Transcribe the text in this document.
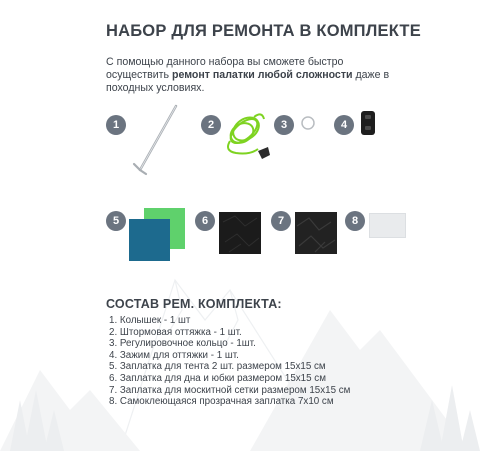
НАБОР ДЛЯ РЕМОНТА В КОМПЛЕКТЕ

С помощью данного набора вы сможете быстро осуществить ремонт палатки любой сложности даже в походных условиях.

1	2	3	4
5	6	7	8
СОСТАВ РЕМ. КОМПЛЕКТА:
1. Колышек - 1 шт
2. Штормовая оттяжка - 1 шт.
3. Регулировочное кольцо - 1шт.
4. Зажим для оттяжки - 1 шт.
5. Заплатка для тента 2 шт. размером 15х15 см
6. Заплатка для дна и юбки размером 15х15 см
7. Заплатка для москитной сетки размером 15х15 см
8. Самоклеющаяся прозрачная заплатка 7х10 см
